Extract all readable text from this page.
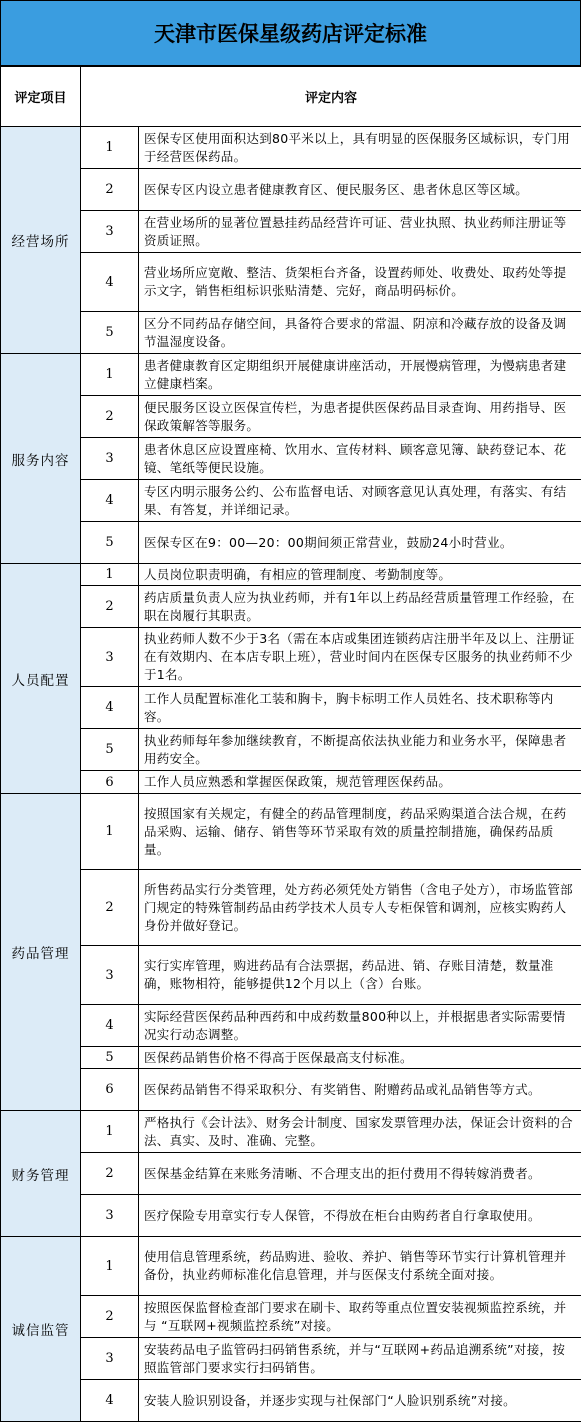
天津市医保星级药店评定标准
评定项目	评定内容	
经营场所	1	医保专区使用面积达到80平米以上，具有明显的医保服务区域标识，专门用于经营医保药品。
	2	医保专区内设立患者健康教育区、便民服务区、患者休息区等区域。
	3	在营业场所的显著位置悬挂药品经营许可证、营业执照、执业药师注册证等资质证照。
	4	营业场所应宽敞、整洁、货架柜台齐备，设置药师处、收费处、取药处等提示文字，销售柜组标识张贴清楚、完好，商品明码标价。
	5	区分不同药品存储空间，具备符合要求的常温、阴凉和冷藏存放的设备及调节温湿度设备。
服务内容	1	患者健康教育区定期组织开展健康讲座活动，开展慢病管理，为慢病患者建立健康档案。
	2	便民服务区设立医保宣传栏，为患者提供医保药品目录查询、用药指导、医保政策解答等服务。
	3	患者休息区应设置座椅、饮用水、宣传材料、顾客意见簿、缺药登记本、花镜、笔纸等便民设施。
	4	专区内明示服务公约、公布监督电话、对顾客意见认真处理，有落实、有结果、有答复，并详细记录。
	5	医保专区在9：00—20：00期间须正常营业，鼓励24小时营业。
人员配置	1	人员岗位职责明确，有相应的管理制度、考勤制度等。
	2	药店质量负责人应为执业药师，并有1年以上药品经营质量管理工作经验，在职在岗履行其职责。
	3	执业药师人数不少于3名（需在本店或集团连锁药店注册半年及以上、注册证在有效期内、在本店专职上班），营业时间内在医保专区服务的执业药师不少于1名。
	4	工作人员配置标准化工装和胸卡，胸卡标明工作人员姓名、技术职称等内容。
	5	执业药师每年参加继续教育，不断提高依法执业能力和业务水平，保障患者用药安全。
	6	工作人员应熟悉和掌握医保政策，规范管理医保药品。
药品管理	1	按照国家有关规定，有健全的药品管理制度，药品采购渠道合法合规，在药品采购、运输、储存、销售等环节采取有效的质量控制措施，确保药品质量。
	2	所售药品实行分类管理，处方药必须凭处方销售（含电子处方），市场监管部门规定的特殊管制药品由药学技术人员专人专柜保管和调剂，应核实购药人身份并做好登记。
	3	实行实库管理，购进药品有合法票据，药品进、销、存账目清楚，数量准确，账物相符，能够提供12个月以上（含）台账。
	4	实际经营医保药品种西药和中成药数量800种以上，并根据患者实际需要情况实行动态调整。
	5	医保药品销售价格不得高于医保最高支付标准。
	6	医保药品销售不得采取积分、有奖销售、附赠药品或礼品销售等方式。
财务管理	1	严格执行《会计法》、财务会计制度、国家发票管理办法，保证会计资料的合法、真实、及时、准确、完整。
	2	医保基金结算在来账务清晰、不合理支出的拒付费用不得转嫁消费者。
	3	医疗保险专用章实行专人保管，不得放在柜台由购药者自行拿取使用。
诚信监管	1	使用信息管理系统，药品购进、验收、养护、销售等环节实行计算机管理并备份，执业药师标准化信息管理，并与医保支付系统全面对接。
	2	按照医保监督检查部门要求在刷卡、取药等重点位置安装视频监控系统，并与 “互联网+视频监控系统”对接。
	3	安装药品电子监管码扫码销售系统，并与“互联网+药品追溯系统”对接，按照监管部门要求实行扫码销售。
	4	安装人脸识别设备，并逐步实现与社保部门“人脸识别系统”对接。
